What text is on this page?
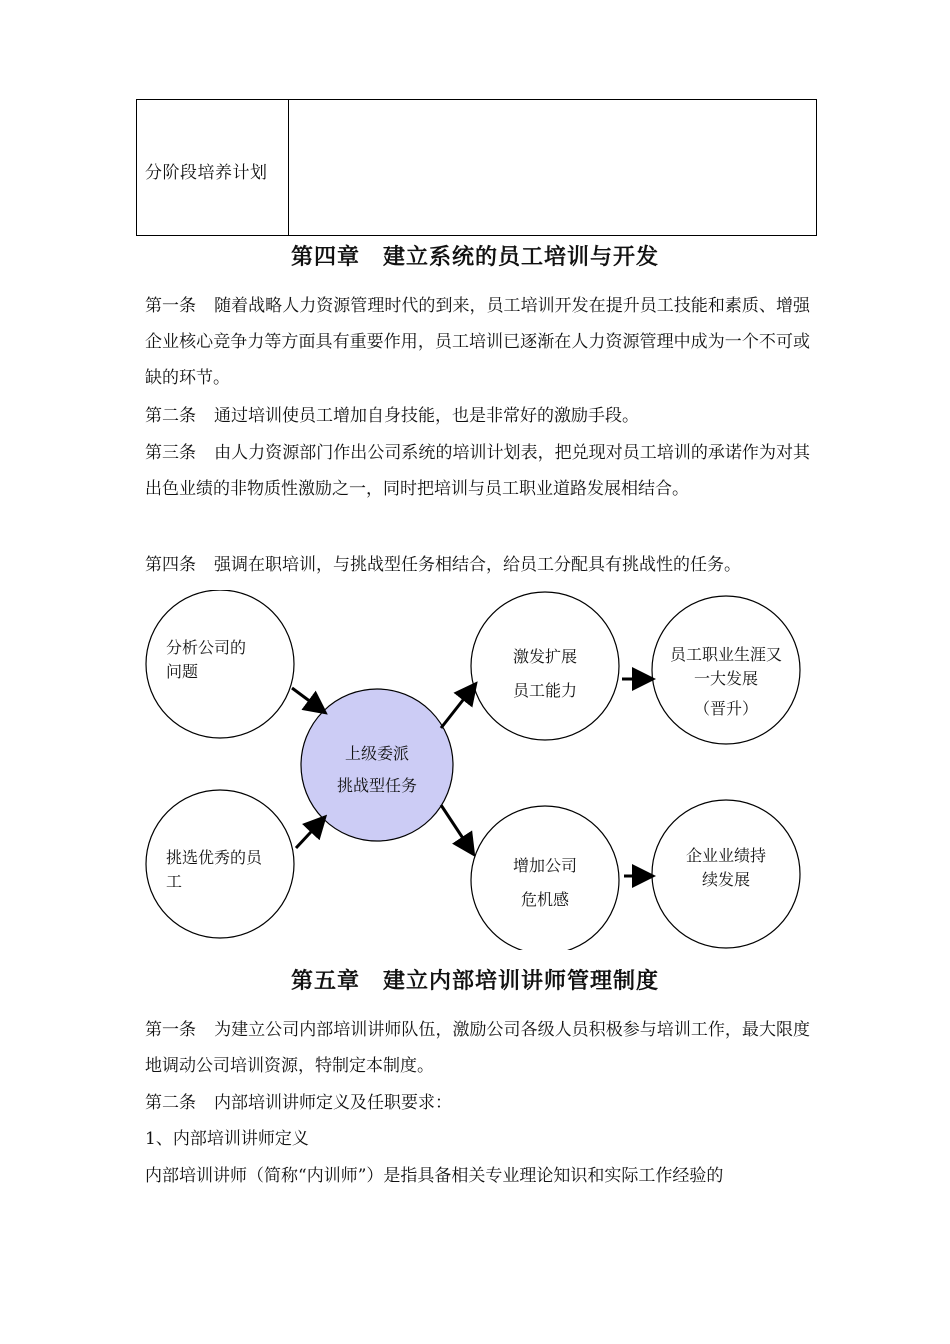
分阶段培养计划
第四章　建立系统的员工培训与开发
第一条 随着战略人力资源管理时代的到来，员工培训开发在提升员工技能和素质、增强企业核心竞争力等方面具有重要作用，员工培训已逐渐在人力资源管理中成为一个不可或缺的环节。
第二条 通过培训使员工增加自身技能，也是非常好的激励手段。
第三条 由人力资源部门作出公司系统的培训计划表，把兑现对员工培训的承诺作为对其出色业绩的非物质性激励之一，同时把培训与员工职业道路发展相结合。
第四条 强调在职培训，与挑战型任务相结合，给员工分配具有挑战性的任务。
分析公司的
问题
挑选优秀的员
工
上级委派
挑战型任务
激发扩展
员工能力
增加公司
危机感
员工职业生涯又
一大发展
（晋升）
企业业绩持
续发展
第五章　建立内部培训讲师管理制度
第一条 为建立公司内部培训讲师队伍，激励公司各级人员积极参与培训工作，最大限度地调动公司培训资源，特制定本制度。
第二条 内部培训讲师定义及任职要求：
1、内部培训讲师定义
内部培训讲师（简称“内训师”）是指具备相关专业理论知识和实际工作经验的
